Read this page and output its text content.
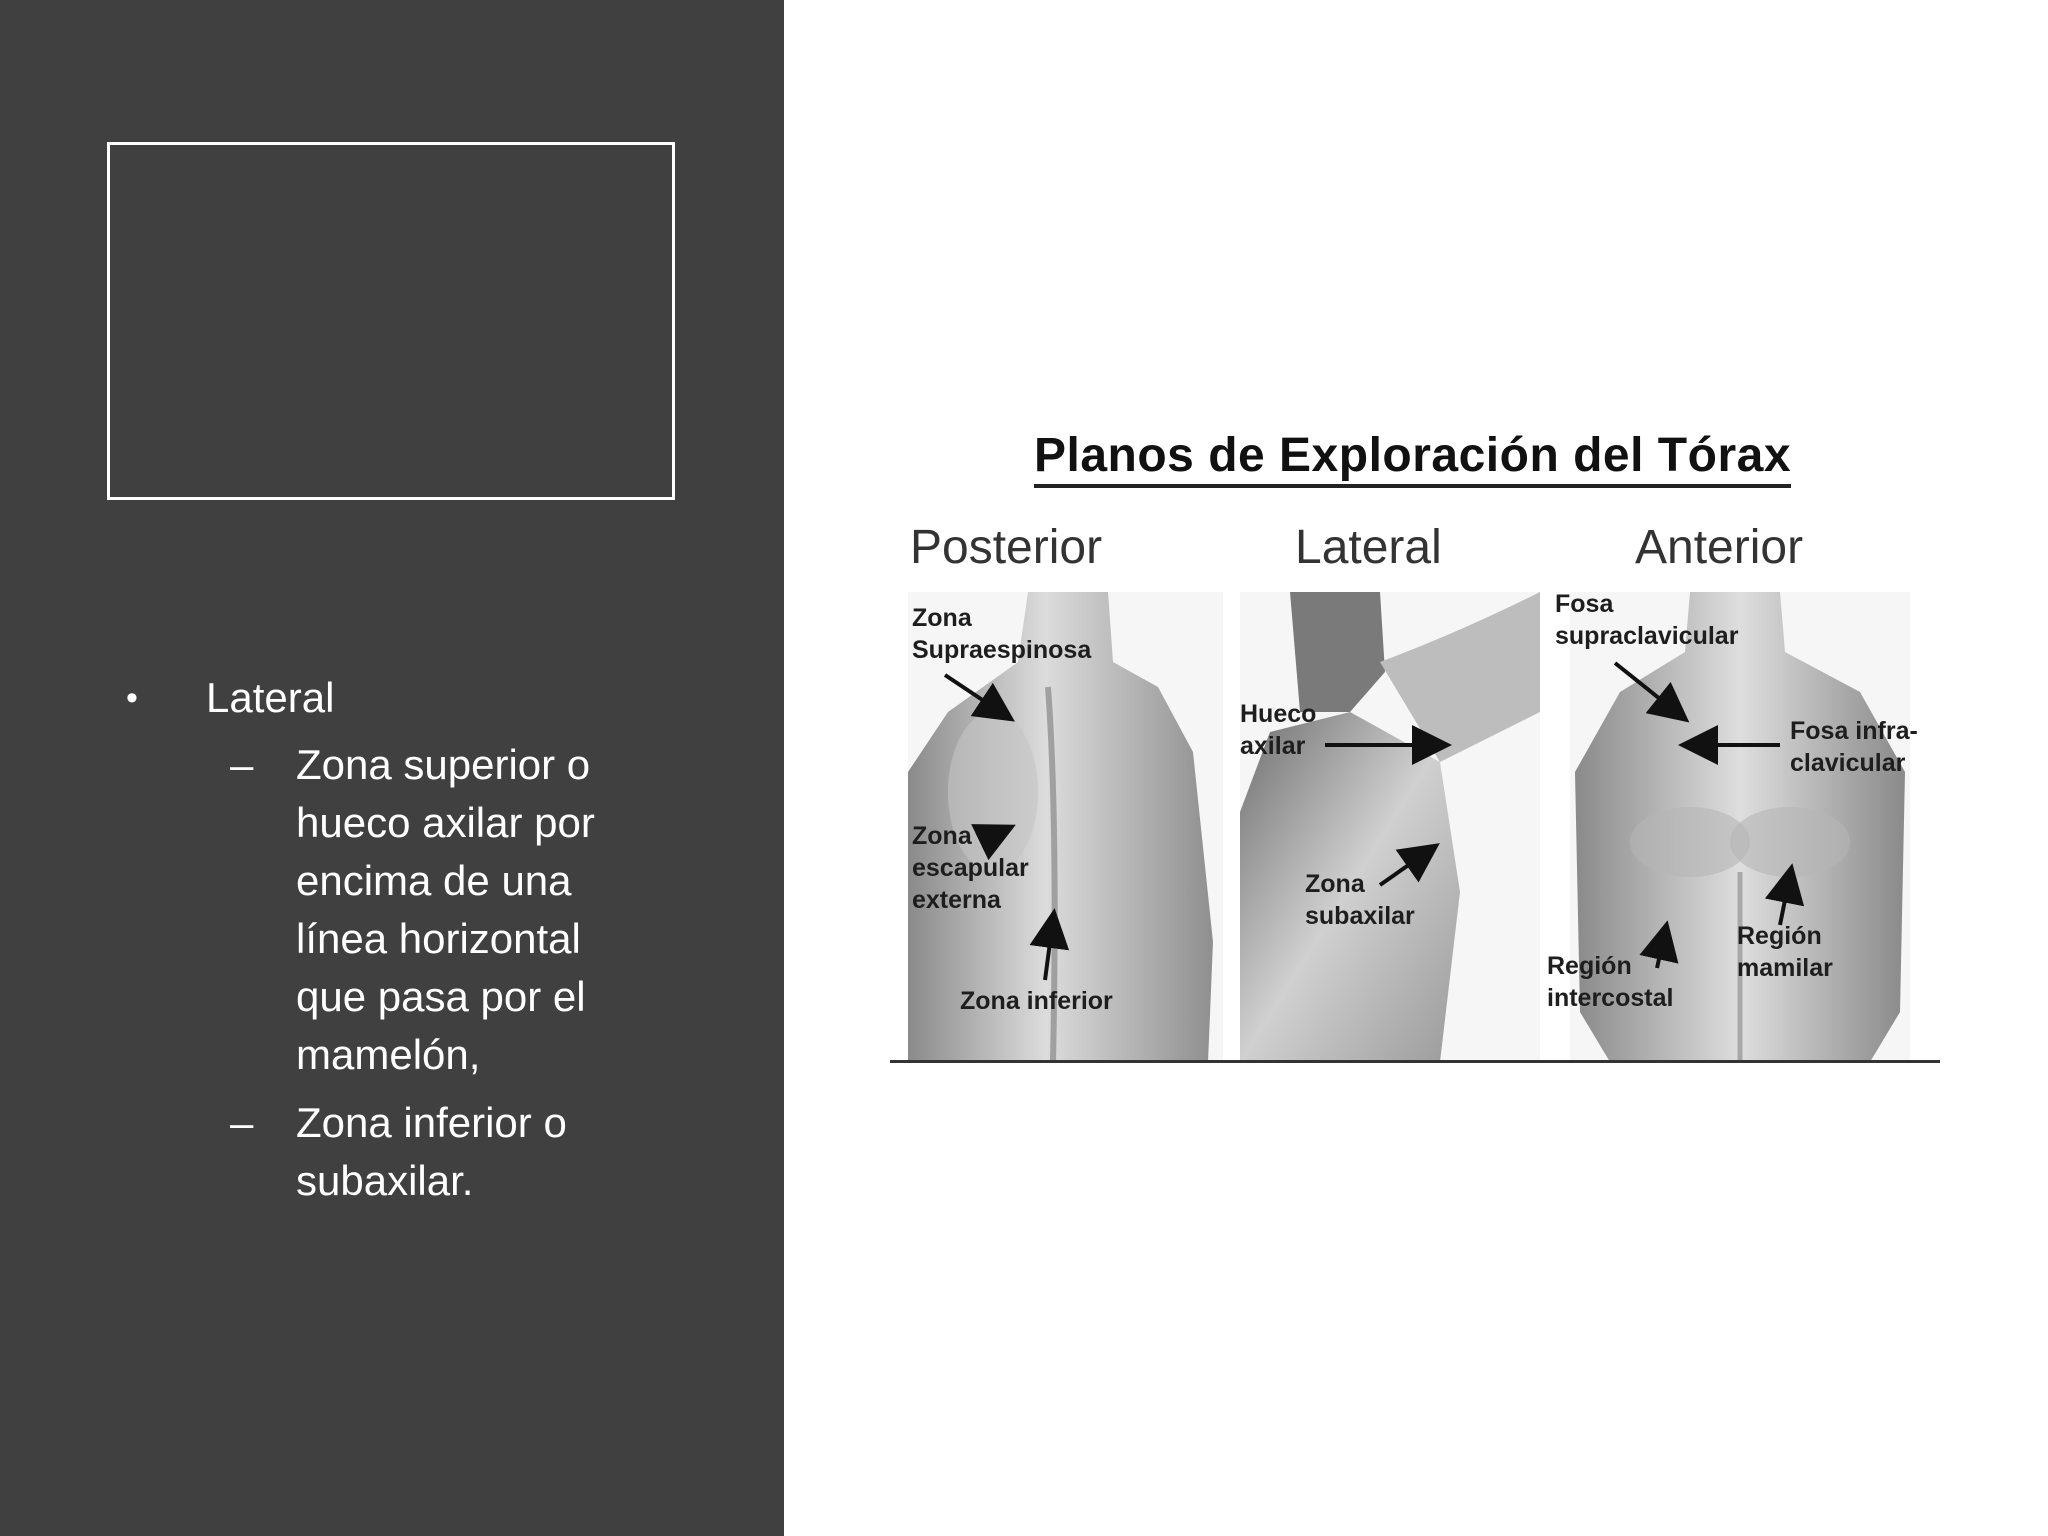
• Lateral
– Zona superior o hueco axilar por encima de una línea horizontal que pasa por el mamelón,
– Zona inferior o subaxilar.
Planos de Exploración del Tórax
Posterior	Lateral	Anterior
Zona Supraespinosa
Zona escapular externa
Zona inferior
Hueco axilar
Zona subaxilar
Fosa supraclavicular
Fosa infra-clavicular
Región mamilar
Región intercostal
